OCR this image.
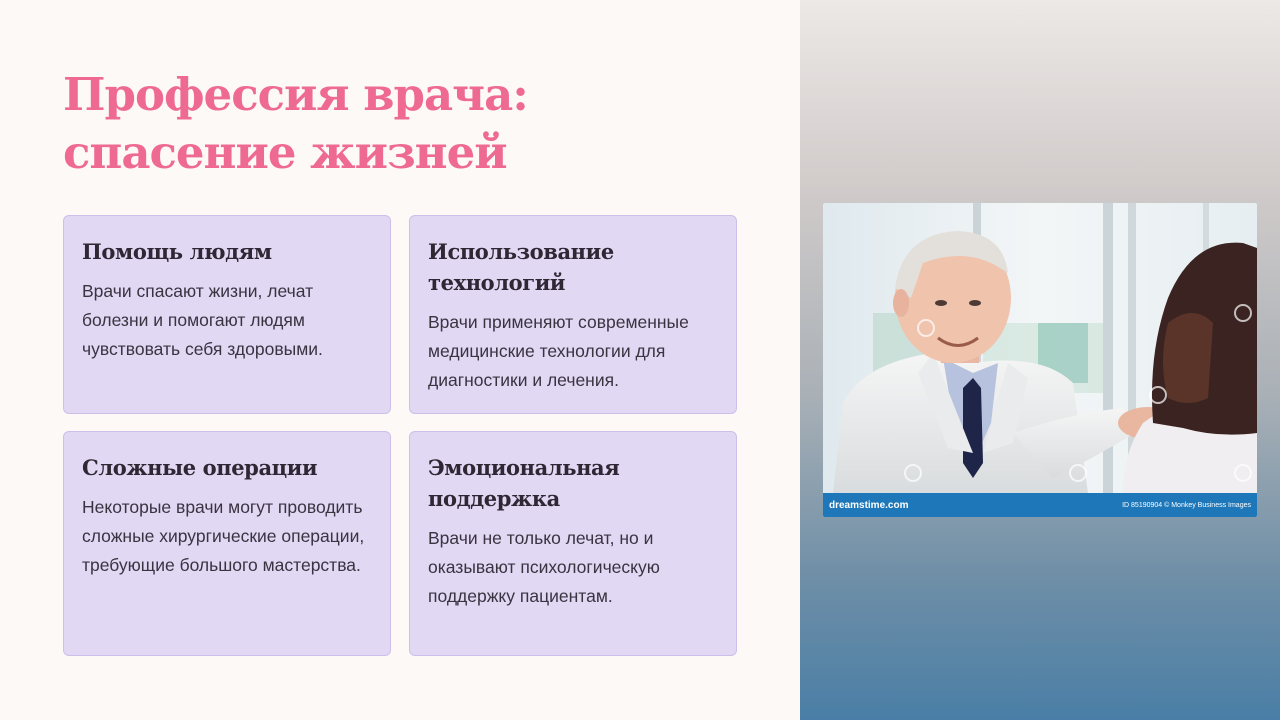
Профессия врача: спасение жизней
Помощь людям

Врачи спасают жизни, лечат болезни и помогают людям чувствовать себя здоровыми.

Использование технологий

Врачи применяют современные медицинские технологии для диагностики и лечения.

Сложные операции

Некоторые врачи могут проводить сложные хирургические операции, требующие большого мастерства.

Эмоциональная поддержка

Врачи не только лечат, но и оказывают психологическую поддержку пациентам.

dreamstime.com	ID 85190904 © Monkey Business Images
